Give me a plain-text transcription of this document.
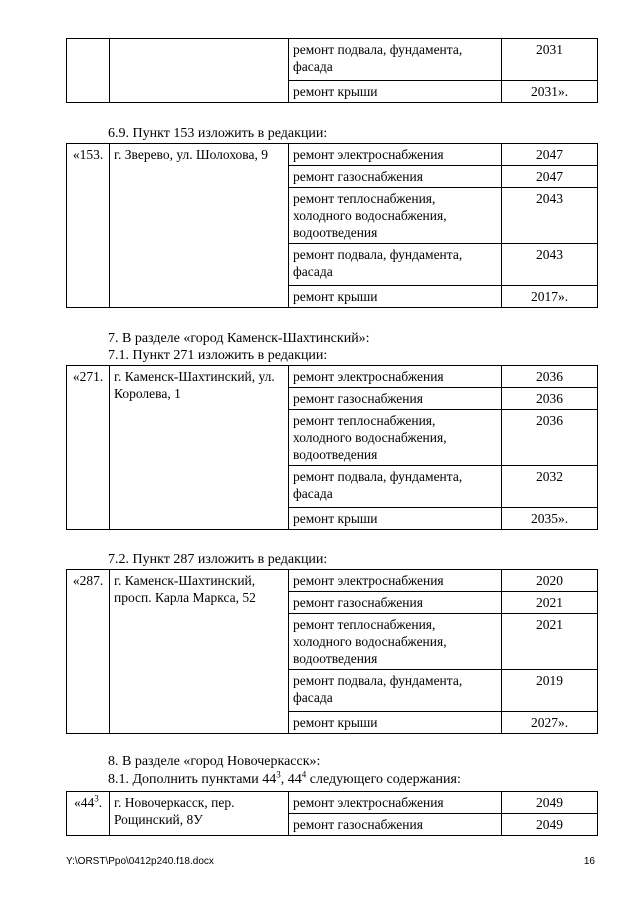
		ремонт подвала, фундамента, фасада	2031
		ремонт крыши	2031».
6.9. Пункт 153 изложить в редакции:
«153.	г. Зверево, ул. Шолохова, 9	ремонт электроснабжения	2047
		ремонт газоснабжения	2047
		ремонт теплоснабжения, холодного водоснабжения, водоотведения	2043
		ремонт подвала, фундамента, фасада	2043
		ремонт крыши	2017».
7. В разделе «город Каменск-Шахтинский»:
7.1. Пункт 271 изложить в редакции:
«271.	г. Каменск-Шахтинский, ул. Королева, 1	ремонт электроснабжения	2036
		ремонт газоснабжения	2036
		ремонт теплоснабжения, холодного водоснабжения, водоотведения	2036
		ремонт подвала, фундамента, фасада	2032
		ремонт крыши	2035».
7.2. Пункт 287 изложить в редакции:
«287.	г. Каменск-Шахтинский, просп. Карла Маркса, 52	ремонт электроснабжения	2020
		ремонт газоснабжения	2021
		ремонт теплоснабжения, холодного водоснабжения, водоотведения	2021
		ремонт подвала, фундамента, фасада	2019
		ремонт крыши	2027».
8. В разделе «город Новочеркасск»:
8.1. Дополнить пунктами $44^3$, $44^4$ следующего содержания:
«$44^3$.	г. Новочеркасск, пер. Рощинский, 8У	ремонт электроснабжения	2049
		ремонт газоснабжения	2049
Y:\ORST\Ppo\0412p240.f18.docx	16
